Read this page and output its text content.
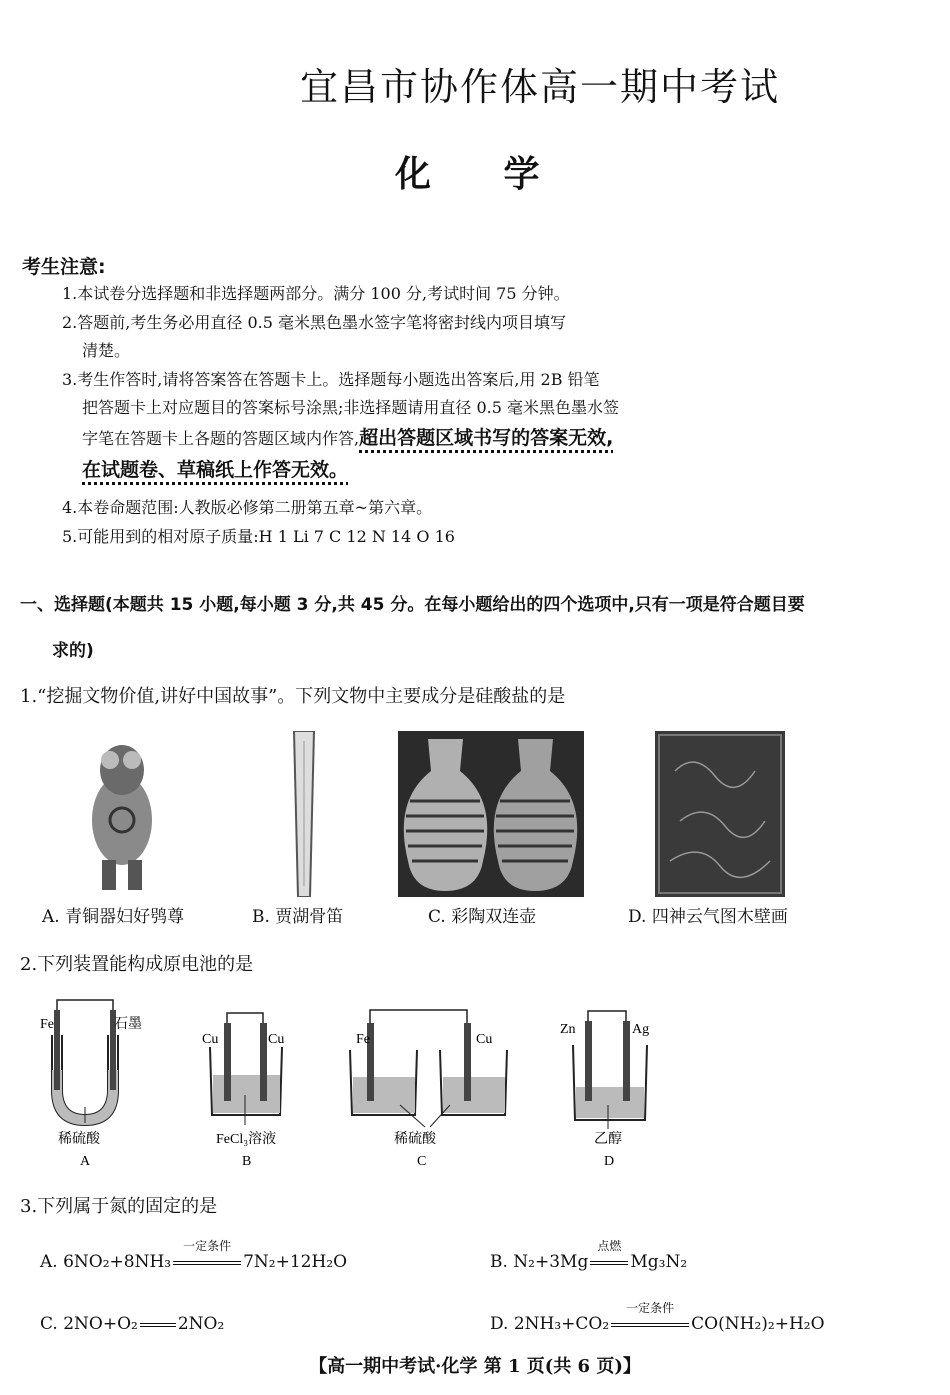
宜昌市协作体高一期中考试
化 学
考生注意:
1.本试卷分选择题和非选择题两部分。满分 100 分,考试时间 75 分钟。
2.答题前,考生务必用直径 0.5 毫米黑色墨水签字笔将密封线内项目填写
清楚。
3.考生作答时,请将答案答在答题卡上。选择题每小题选出答案后,用 2B 铅笔
把答题卡上对应题目的答案标号涂黑;非选择题请用直径 0.5 毫米黑色墨水签
字笔在答题卡上各题的答题区域内作答,超出答题区域书写的答案无效,
在试题卷、草稿纸上作答无效。
4.本卷命题范围:人教版必修第二册第五章~第六章。
5.可能用到的相对原子质量:H 1 Li 7 C 12 N 14 O 16
一、选择题(本题共 15 小题,每小题 3 分,共 45 分。在每小题给出的四个选项中,只有一项是符合题目要
求的)
1.“挖掘文物价值,讲好中国故事”。下列文物中主要成分是硅酸盐的是
A. 青铜器妇好鸮尊	B. 贾湖骨笛	C. 彩陶双连壶	D. 四神云气图木壁画
2.下列装置能构成原电池的是
Fe	石墨
稀硫酸
A
Cu	Cu
FeCl₃溶液
B
Fe	Cu
稀硫酸
C
Zn	Ag
乙醇
D
3.下列属于氮的固定的是
A. 6NO₂+8NH₃
一定条件
7N₂+12H₂O	B. N₂+3Mg
点燃
Mg₃N₂
C. 2NO+O₂ 2NO₂	D. 2NH₃+CO₂
一定条件
CO(NH₂)₂+H₂O
【高一期中考试·化学 第 1 页(共 6 页)】
